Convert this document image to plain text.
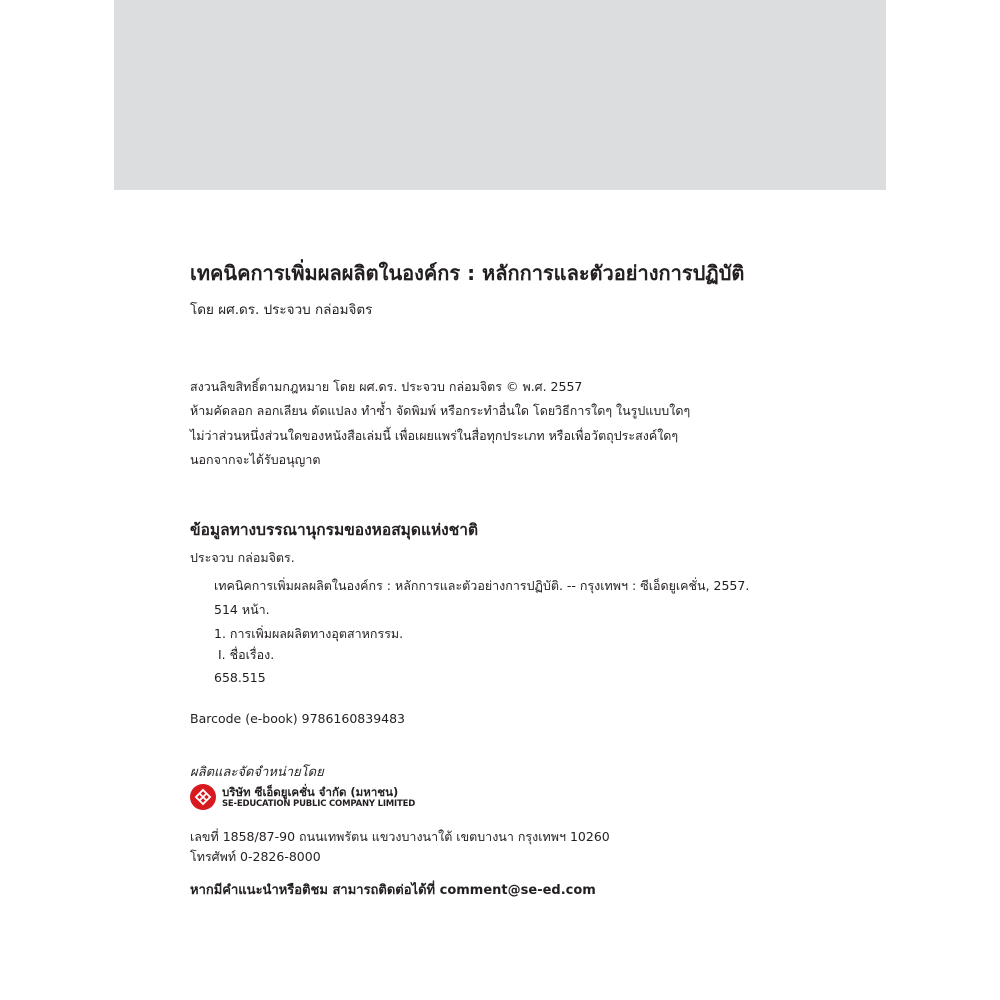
เทคนิคการเพิ่มผลผลิตในองค์กร : หลักการและตัวอย่างการปฏิบัติ
โดย ผศ.ดร. ประจวบ กล่อมจิตร
สงวนลิขสิทธิ์ตามกฎหมาย โดย ผศ.ดร. ประจวบ กล่อมจิตร © พ.ศ. 2557
ห้ามคัดลอก ลอกเลียน ดัดแปลง ทำซ้ำ จัดพิมพ์ หรือกระทำอื่นใด โดยวิธีการใดๆ ในรูปแบบใดๆ
ไม่ว่าส่วนหนึ่งส่วนใดของหนังสือเล่มนี้ เพื่อเผยแพร่ในสื่อทุกประเภท หรือเพื่อวัตถุประสงค์ใดๆ
นอกจากจะได้รับอนุญาต
ข้อมูลทางบรรณานุกรมของหอสมุดแห่งชาติ
ประจวบ กล่อมจิตร.
เทคนิคการเพิ่มผลผลิตในองค์กร : หลักการและตัวอย่างการปฏิบัติ. -- กรุงเทพฯ : ซีเอ็ดยูเคชั่น, 2557.
514 หน้า.
1. การเพิ่มผลผลิตทางอุตสาหกรรม.
I. ชื่อเรื่อง.
658.515
Barcode (e-book) 9786160839483
ผลิตและจัดจำหน่ายโดย
บริษัท ซีเอ็ดยูเคชั่น จำกัด (มหาชน)
SE-EDUCATION PUBLIC COMPANY LIMITED
เลขที่ 1858/87-90 ถนนเทพรัตน แขวงบางนาใต้ เขตบางนา กรุงเทพฯ 10260
โทรศัพท์ 0-2826-8000
หากมีคำแนะนำหรือติชม สามารถติดต่อได้ที่ comment@se-ed.com
